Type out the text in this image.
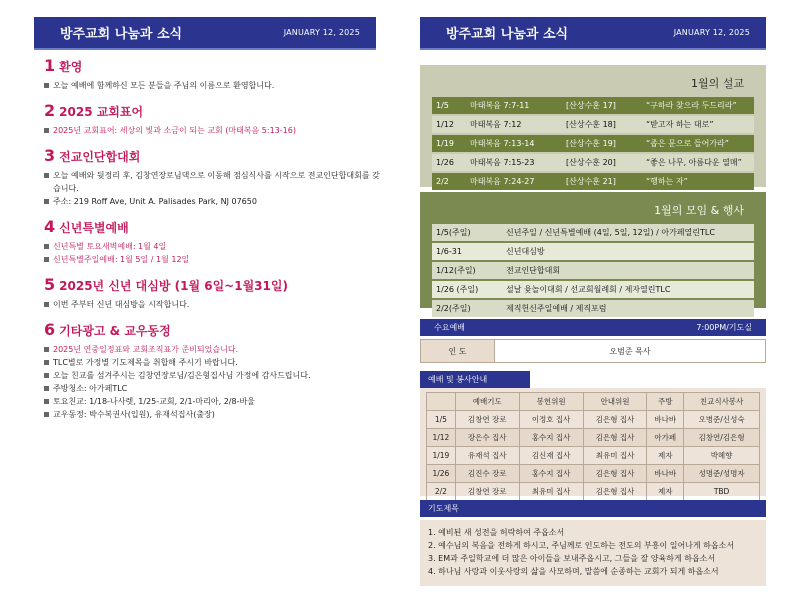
방주교회 나눔과 소식	JANUARY 12, 2025	방주교회 나눔과 소식	JANUARY 12, 2025
1 환영
오늘 예배에 함께하신 모든 분들을 주님의 이름으로 환영합니다.
2 2025 교회표어
2025년 교회표어: 세상의 빛과 소금이 되는 교회 (마태복음 5:13-16)
3 전교인단합대회
오늘 예배와 뒷정리 후, 김창연장로님댁으로 이동해 점심식사를 시작으로 전교인단합대회를 갖습니다.
주소: 219 Roff Ave, Unit A. Palisades Park, NJ 07650
4 신년특별예배
신년특별 토요새벽예배: 1월 4일
신년특별주일예배: 1월 5일 / 1월 12일
5 2025년 신년 대심방 (1월 6일~1월31일)
이번 주부터 신년 대심방을 시작합니다.
6 기타광고 & 교우동정
2025년 연중일정표와 교회조직표가 준비되었습니다.
TLC별로 가정별 기도제목을 취합해 주시기 바랍니다.
오늘 친교를 섬겨주시는 김창연장로님/김은형집사님 가정에 감사드립니다.
주방청소: 아가페TLC
토요친교: 1/18-나사렛, 1/25-교회, 2/1-마리아, 2/8-바울
교우동정: 박수복권사(입원), 유재석집사(출장)
1월의 설교
1/5	마태복음 7:7-11	[산상수훈 17]	“구하라 찾으라 두드리라”
1/12	마태복음 7:12	[산상수훈 18]	“받고자 하는 대로”
1/19	마태복음 7:13-14	[산상수훈 19]	“좁은 문으로 들어가라”
1/26	마태복음 7:15-23	[산상수훈 20]	“좋은 나무, 아름다운 열매”
2/2	마태복음 7:24-27	[산상수훈 21]	“행하는 자”
1월의 모임 & 행사
1/5(주일)	신년주일 / 신년특별예배 (4일, 5일, 12일) / 아가페열린TLC
1/6-31	신년대심방
1/12(주일)	전교인단합대회
1/26 (주일)	설날 윷놀이대회 / 선교회월례회 / 제자열린TLC
2/2(주일)	제직헌신주일예배 / 제직포럼
수요예배	7:00PM/기도실
인 도	오범준 목사
예배 및 봉사안내
	예배기도	봉헌위원	안내위원	주방	친교식사봉사
1/5	김창연 장로	이정호 집사	김은형 집사	바나바	오병준/신성숙
1/12	장은수 집사	홍수지 집사	김은형 집사	아가페	김창연/김은형
1/19	유재석 집사	김신재 집사	최유미 집사	제자	박혜향
1/26	김진수 장로	홍수지 집사	김은형 집사	바나바	성명준/성명자
2/2	김창연 장로	최유미 집사	김은형 집사	제자	TBD
기도제목
1. 예비된 새 성전을 허락하여 주옵소서
2. 예수님의 복음을 전하게 하시고, 주님께로 인도하는 전도의 부흥이 일어나게 하옵소서
3. EM과 주일학교에 더 많은 아이들을 보내주옵시고, 그들을 잘 양육하게 하옵소서
4. 하나님 사랑과 이웃사랑의 삶을 사모하며, 말씀에 순종하는 교회가 되게 하옵소서
